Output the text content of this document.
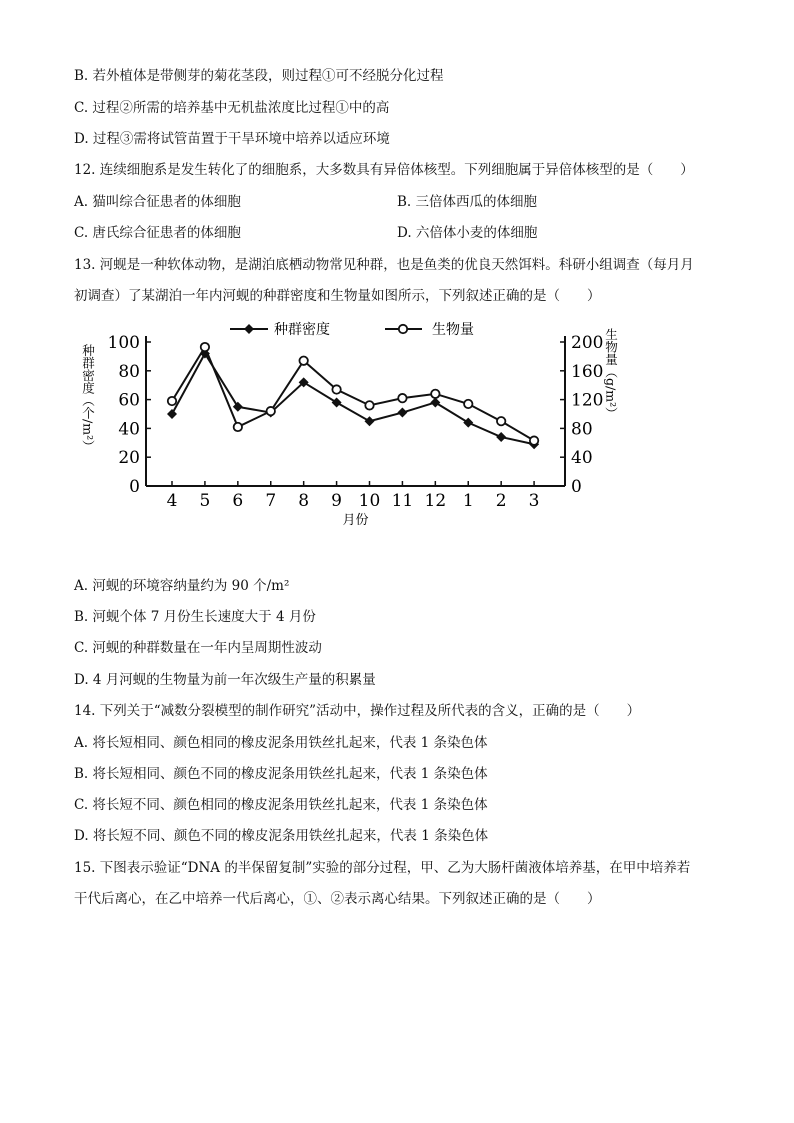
B. 若外植体是带侧芽的菊花茎段，则过程①可不经脱分化过程
C. 过程②所需的培养基中无机盐浓度比过程①中的高
D. 过程③需将试管苗置于干旱环境中培养以适应环境
12. 连续细胞系是发生转化了的细胞系，大多数具有异倍体核型。下列细胞属于异倍体核型的是（　　）
A. 猫叫综合征患者的体细胞	B. 三倍体西瓜的体细胞
C. 唐氏综合征患者的体细胞	D. 六倍体小麦的体细胞
13. 河蚬是一种软体动物，是湖泊底栖动物常见种群，也是鱼类的优良天然饵料。科研小组调查（每月月
初调查）了某湖泊一年内河蚬的种群密度和生物量如图所示，下列叙述正确的是（　　）
0
20
40
60
80
100
0
40
80
120
160
200
4 5 6 7 8 9 10 11 12 1 2 3
种群密度	生物量
种群密度（个/m²）	生物量（g/m²）
月份
A. 河蚬的环境容纳量约为 90 个/m²
B. 河蚬个体 7 月份生长速度大于 4 月份
C. 河蚬的种群数量在一年内呈周期性波动
D. 4 月河蚬的生物量为前一年次级生产量的积累量
14. 下列关于“减数分裂模型的制作研究”活动中，操作过程及所代表的含义，正确的是（　　）
A. 将长短相同、颜色相同的橡皮泥条用铁丝扎起来，代表 1 条染色体
B. 将长短相同、颜色不同的橡皮泥条用铁丝扎起来，代表 1 条染色体
C. 将长短不同、颜色相同的橡皮泥条用铁丝扎起来，代表 1 条染色体
D. 将长短不同、颜色不同的橡皮泥条用铁丝扎起来，代表 1 条染色体
15. 下图表示验证“DNA 的半保留复制”实验的部分过程，甲、乙为大肠杆菌液体培养基，在甲中培养若
干代后离心，在乙中培养一代后离心，①、②表示离心结果。下列叙述正确的是（　　）
